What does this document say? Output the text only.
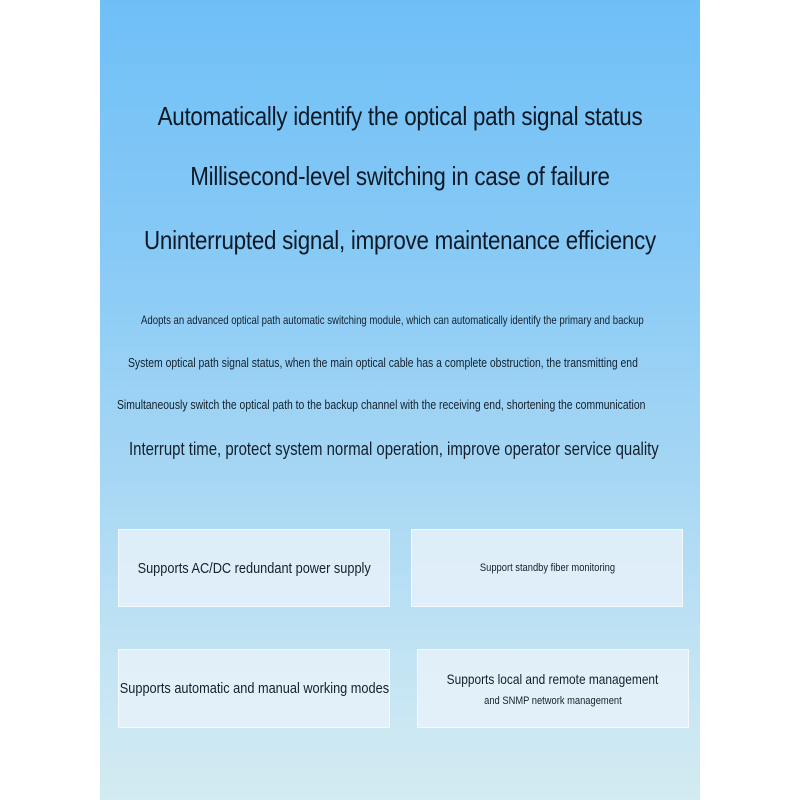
Automatically identify the optical path signal status
Millisecond-level switching in case of failure
Uninterrupted signal, improve maintenance efficiency
Adopts an advanced optical path automatic switching module, which can automatically identify the primary and backup
System optical path signal status, when the main optical cable has a complete obstruction, the transmitting end
Simultaneously switch the optical path to the backup channel with the receiving end, shortening the communication
Interrupt time, protect system normal operation, improve operator service quality
Supports AC/DC redundant power supply	Support standby fiber monitoring
Supports automatic and manual working modes
Supports local and remote management
and SNMP network management
